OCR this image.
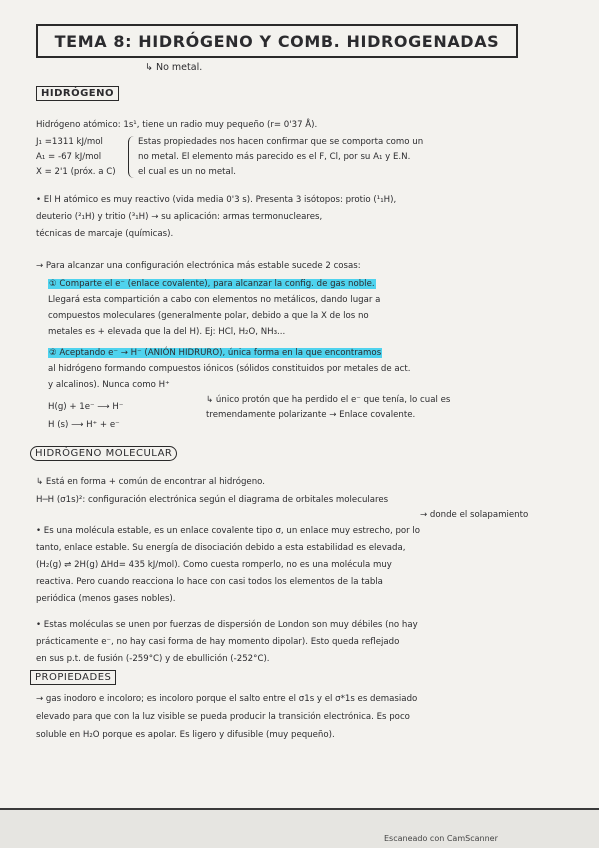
TEMA 8: HIDRÓGENO Y COMB. HIDROGENADAS
↳ No metal.
HIDRÓGENO
Hidrógeno atómico: 1s¹, tiene un radio muy pequeño (r= 0'37 Å).
J₁ =1311 kJ/mol
A₁ = -67 kJ/mol
X = 2'1 (próx. a C)
Estas propiedades nos hacen confirmar que se comporta como un
no metal. El elemento más parecido es el F, Cl, por su A₁ y E.N.
el cual es un no metal.
• El H atómico es muy reactivo (vida media 0'3 s). Presenta 3 isótopos: protio (¹₁H),
deuterio (²₁H) y tritio (³₁H) → su aplicación: armas termonucleares,
técnicas de marcaje (químicas).
→ Para alcanzar una configuración electrónica más estable sucede 2 cosas:
① Comparte el e⁻ (enlace covalente), para alcanzar la config. de gas noble.
Llegará esta compartición a cabo con elementos no metálicos, dando lugar a
compuestos moleculares (generalmente polar, debido a que la X de los no
metales es + elevada que la del H). Ej: HCl, H₂O, NH₃...
② Aceptando e⁻ → H⁻ (ANIÓN HIDRURO), única forma en la que encontramos
al hidrógeno formando compuestos iónicos (sólidos constituidos por metales de act.
y alcalinos). Nunca como H⁺
↳ único protón que ha perdido el e⁻ que tenía, lo cual es
tremendamente polarizante → Enlace covalente.
H(g) + 1e⁻ ⟶ H⁻
H (s) ⟶ H⁺ + e⁻
HIDRÓGENO MOLECULAR
↳ Está en forma + común de encontrar al hidrógeno.
H─H (σ1s)²: configuración electrónica según el diagrama de orbitales moleculares
→ donde el solapamiento
• Es una molécula estable, es un enlace covalente tipo σ, un enlace muy estrecho, por lo
tanto, enlace estable. Su energía de disociación debido a esta estabilidad es elevada,
(H₂(g) ⇌ 2H(g) ΔHd= 435 kJ/mol). Como cuesta romperlo, no es una molécula muy
reactiva. Pero cuando reacciona lo hace con casi todos los elementos de la tabla
periódica (menos gases nobles).
• Estas moléculas se unen por fuerzas de dispersión de London son muy débiles (no hay
prácticamente e⁻, no hay casi forma de hay momento dipolar). Esto queda reflejado
en sus p.t. de fusión (-259°C) y de ebullición (-252°C).
PROPIEDADES
→ gas inodoro e incoloro; es incoloro porque el salto entre el σ1s y el σ*1s es demasiado
elevado para que con la luz visible se pueda producir la transición electrónica. Es poco
soluble en H₂O porque es apolar. Es ligero y difusible (muy pequeño).
Escaneado con CamScanner
